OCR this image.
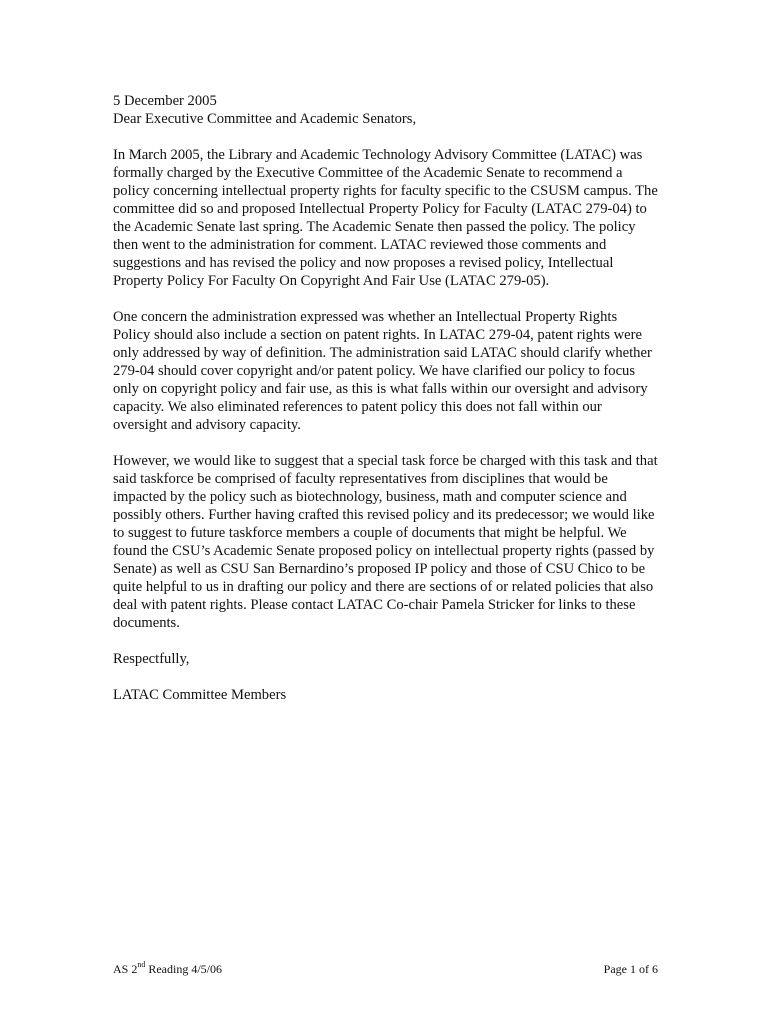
5 December 2005

Dear Executive Committee and Academic Senators,

In March 2005, the Library and Academic Technology Advisory Committee (LATAC) was formally charged by the Executive Committee of the Academic Senate to recommend a policy concerning intellectual property rights for faculty specific to the CSUSM campus. The committee did so and proposed Intellectual Property Policy for Faculty (LATAC 279-04) to the Academic Senate last spring. The Academic Senate then passed the policy. The policy then went to the administration for comment. LATAC reviewed those comments and suggestions and has revised the policy and now proposes a revised policy, Intellectual Property Policy For Faculty On Copyright And Fair Use (LATAC 279-05).

One concern the administration expressed was whether an Intellectual Property Rights Policy should also include a section on patent rights. In LATAC 279-04, patent rights were only addressed by way of definition. The administration said LATAC should clarify whether 279-04 should cover copyright and/or patent policy. We have clarified our policy to focus only on copyright policy and fair use, as this is what falls within our oversight and advisory capacity. We also eliminated references to patent policy this does not fall within our oversight and advisory capacity.

However, we would like to suggest that a special task force be charged with this task and that said taskforce be comprised of faculty representatives from disciplines that would be impacted by the policy such as biotechnology, business, math and computer science and possibly others. Further having crafted this revised policy and its predecessor; we would like to suggest to future taskforce members a couple of documents that might be helpful. We found the CSU’s Academic Senate proposed policy on intellectual property rights (passed by Senate) as well as CSU San Bernardino’s proposed IP policy and those of CSU Chico to be quite helpful to us in drafting our policy and there are sections of or related policies that also deal with patent rights. Please contact LATAC Co-chair Pamela Stricker for links to these documents.

Respectfully,

LATAC Committee Members

AS 2nd Reading 4/5/06	Page 1 of 6
